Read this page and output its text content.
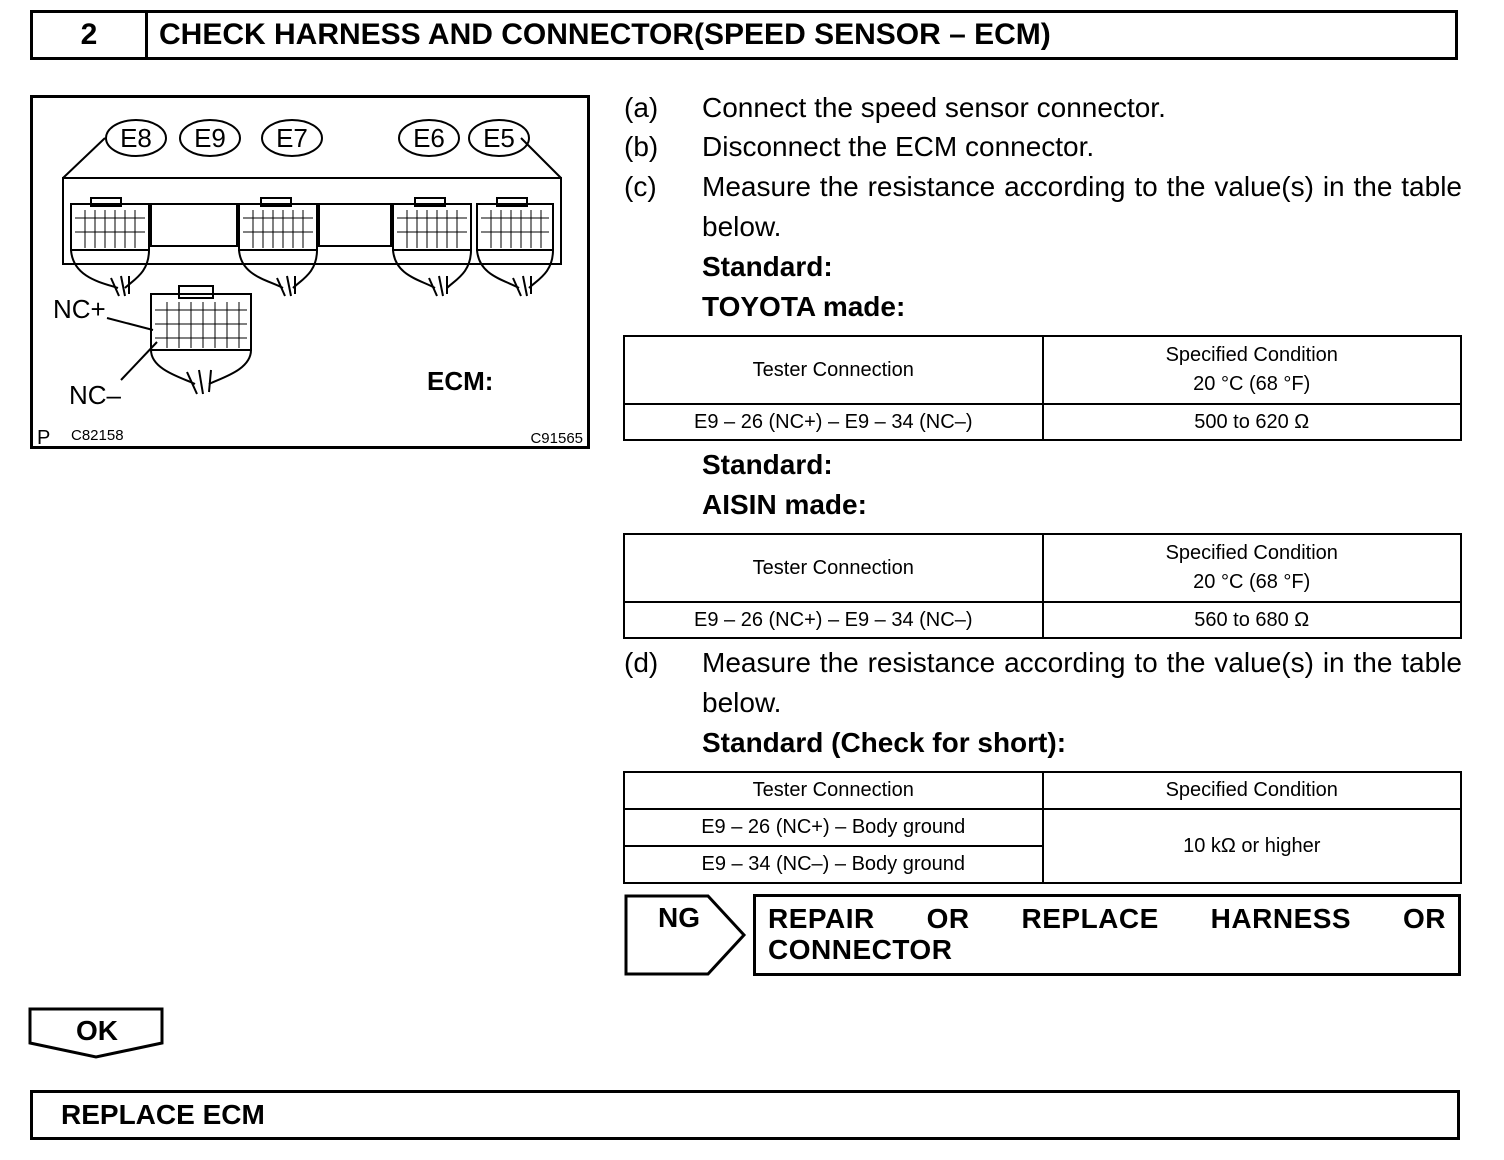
2	CHECK HARNESS AND CONNECTOR(SPEED SENSOR – ECM)
E8 E9 E7	E6 E5
NC+
NC–	ECM:
P C82158	C91565
(a) Connect the speed sensor connector.
(b) Disconnect the ECM connector.
(c) Measure the resistance according to the value(s) in the table below.
Standard:
TOYOTA made:
Tester Connection	Specified Condition
20 °C (68 °F)

E9 – 26 (NC+) – E9 – 34 (NC–)	500 to 620 Ω
Standard:
AISIN made:
Tester Connection	Specified Condition
20 °C (68 °F)

E9 – 26 (NC+) – E9 – 34 (NC–)	560 to 680 Ω
(d) Measure the resistance according to the value(s) in the table below.
Standard (Check for short):
Tester Connection	Specified Condition
E9 – 26 (NC+) – Body ground	10 kΩ or higher
E9 – 34 (NC–) – Body ground	
NG	REPAIR OR REPLACE HARNESS OR CONNECTOR
OK
REPLACE ECM
